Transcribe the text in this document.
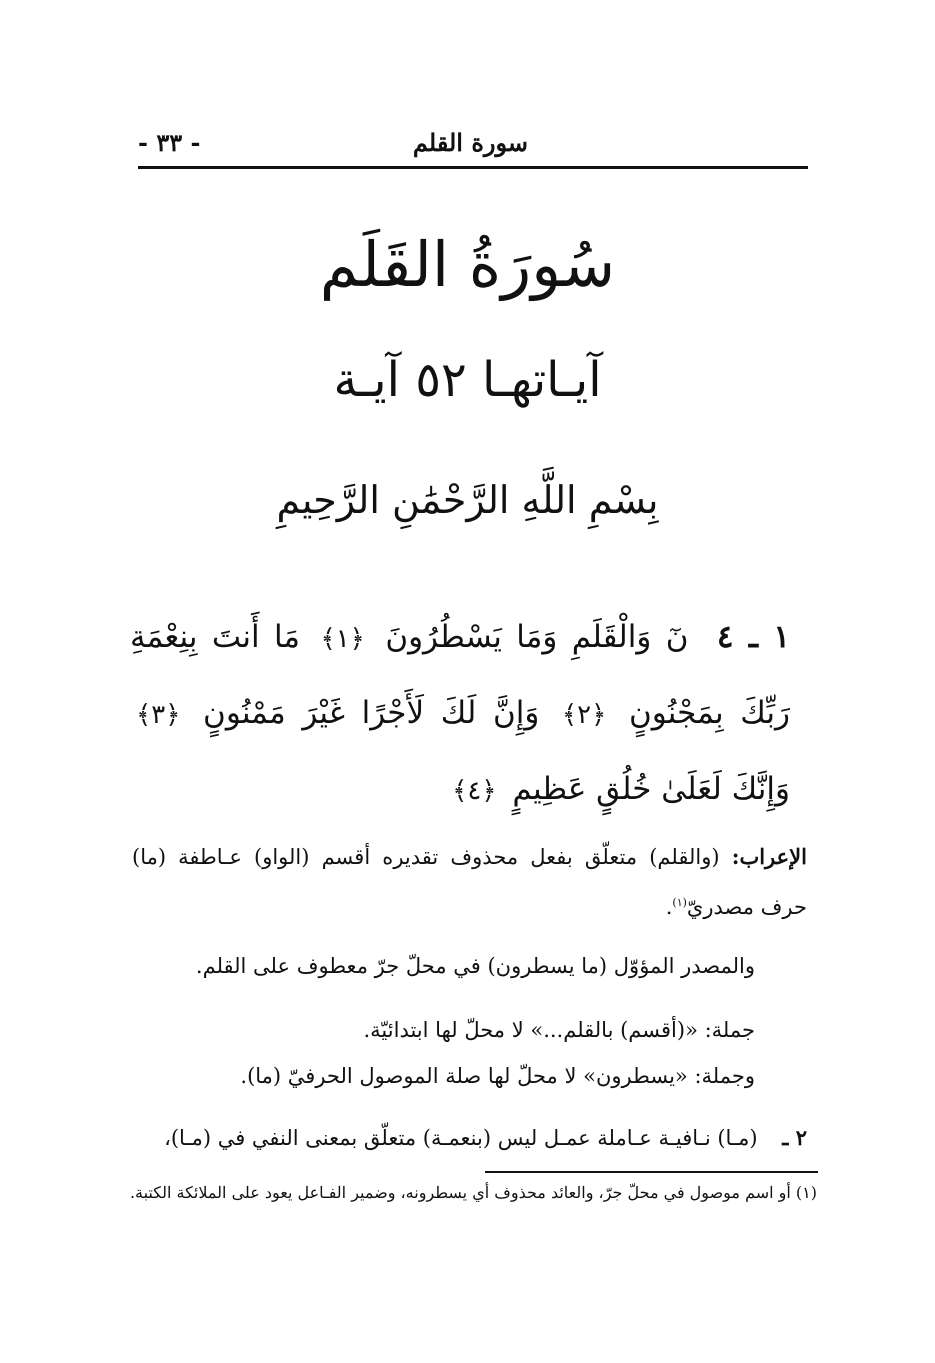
سورة القلم
- ٣٣ -
سُورَةُ القَلَم
آيـاتهـا ٥٢ آيـة
بِسْمِ اللَّهِ الرَّحْمَٰنِ الرَّحِيمِ
١ ـ ٤ نٓ وَالْقَلَمِ وَمَا يَسْطُرُونَ ﴿١﴾ مَا أَنتَ بِنِعْمَةِ رَبِّكَ بِمَجْنُونٍ ﴿٢﴾ وَإِنَّ لَكَ لَأَجْرًا غَيْرَ مَمْنُونٍ ﴿٣﴾ وَإِنَّكَ لَعَلَىٰ خُلُقٍ عَظِيمٍ ﴿٤﴾
الإعراب: (والقلم) متعلّق بفعل محذوف تقديره أقسم (الواو) عـاطفة (ما) حرف مصدريّ$^{(١)}$.
والمصدر المؤوّل (ما يسطرون) في محلّ جرّ معطوف على القلم.
جملة: «(أقسم) بالقلم...» لا محلّ لها ابتدائيّة.
وجملة: «يسطرون» لا محلّ لها صلة الموصول الحرفيّ (ما).
٢ ـ (مـا) نـافيـة عـاملة عمـل ليس (بنعمـة) متعلّق بمعنى النفي في (مـا)،
(١) أو اسم موصول في محلّ جرّ، والعائد محذوف أي يسطرونه، وضمير الفـاعل يعود على الملائكة الكتبة.
